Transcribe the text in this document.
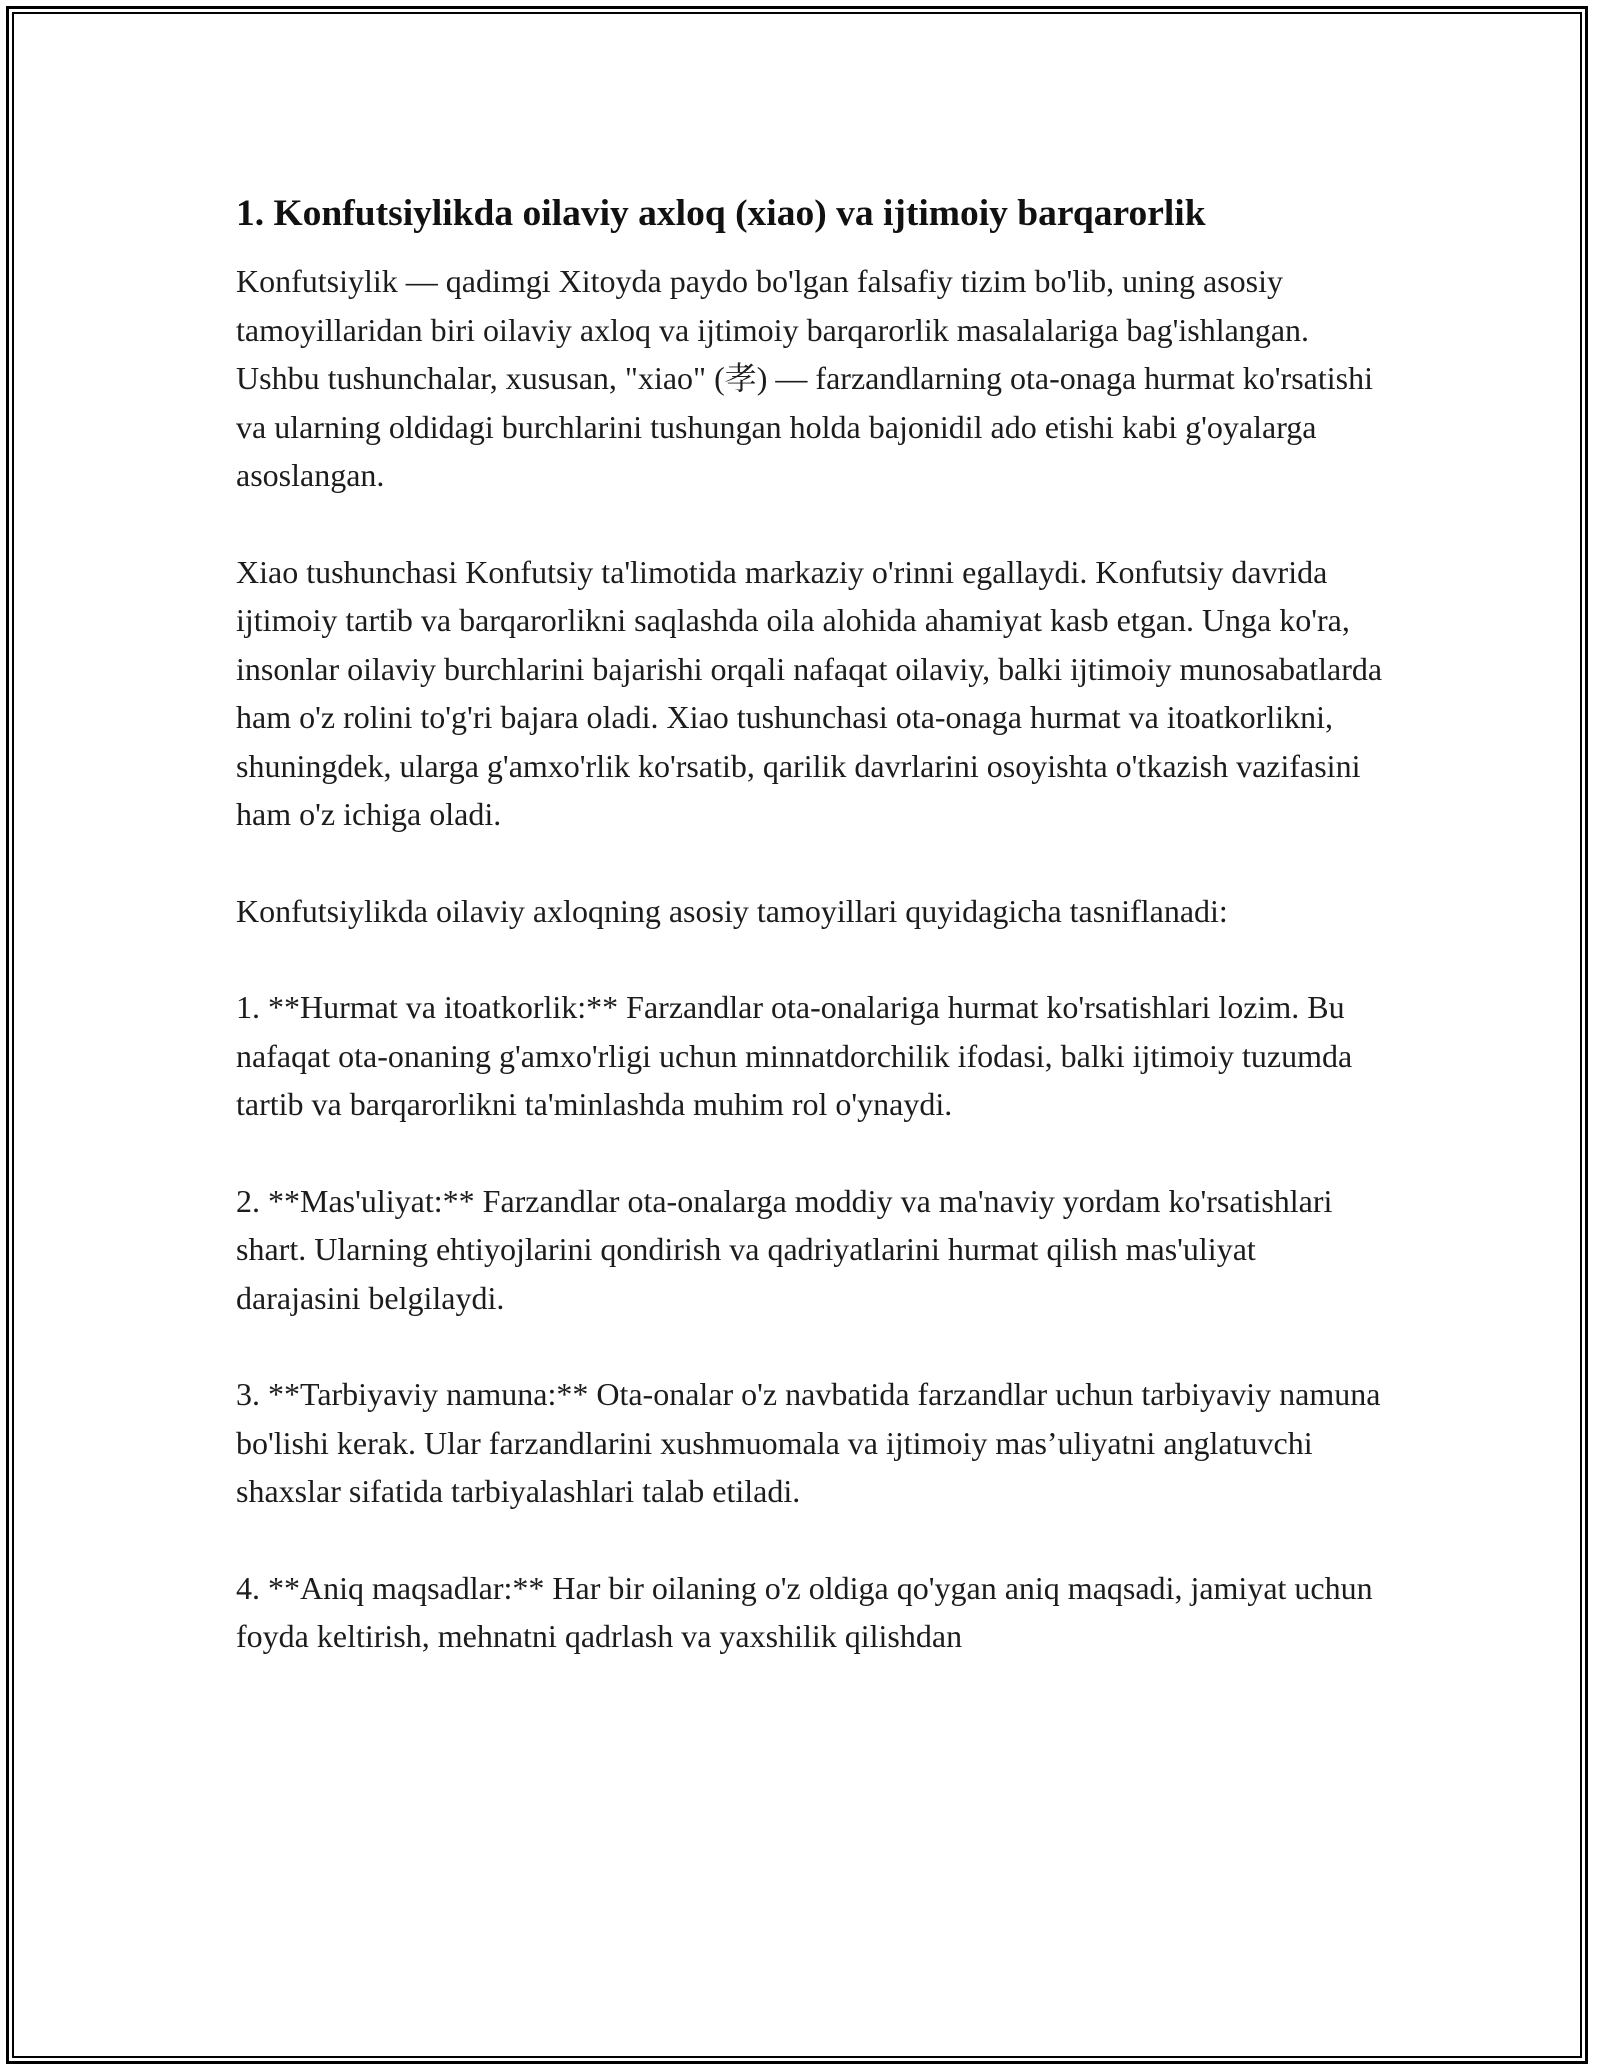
1. Konfutsiylikda oilaviy axloq (xiao) va ijtimoiy barqarorlik

Konfutsiylik — qadimgi Xitoyda paydo bo'lgan falsafiy tizim bo'lib, uning asosiy tamoyillaridan biri oilaviy axloq va ijtimoiy barqarorlik masalalariga bag'ishlangan. Ushbu tushunchalar, xususan, "xiao" (孝) — farzandlarning ota-onaga hurmat ko'rsatishi va ularning oldidagi burchlarini tushungan holda bajonidil ado etishi kabi g'oyalarga asoslangan.

Xiao tushunchasi Konfutsiy ta'limotida markaziy o'rinni egallaydi. Konfutsiy davrida ijtimoiy tartib va barqarorlikni saqlashda oila alohida ahamiyat kasb etgan. Unga ko'ra, insonlar oilaviy burchlarini bajarishi orqali nafaqat oilaviy, balki ijtimoiy munosabatlarda ham o'z rolini to'g'ri bajara oladi. Xiao tushunchasi ota-onaga hurmat va itoatkorlikni, shuningdek, ularga g'amxo'rlik ko'rsatib, qarilik davrlarini osoyishta o'tkazish vazifasini ham o'z ichiga oladi.

Konfutsiylikda oilaviy axloqning asosiy tamoyillari quyidagicha tasniflanadi:

1. **Hurmat va itoatkorlik:** Farzandlar ota-onalariga hurmat ko'rsatishlari lozim. Bu nafaqat ota-onaning g'amxo'rligi uchun minnatdorchilik ifodasi, balki ijtimoiy tuzumda tartib va barqarorlikni ta'minlashda muhim rol o'ynaydi.

2. **Mas'uliyat:** Farzandlar ota-onalarga moddiy va ma'naviy yordam ko'rsatishlari shart. Ularning ehtiyojlarini qondirish va qadriyatlarini hurmat qilish mas'uliyat darajasini belgilaydi.

3. **Tarbiyaviy namuna:** Ota-onalar o'z navbatida farzandlar uchun tarbiyaviy namuna bo'lishi kerak. Ular farzandlarini xushmuomala va ijtimoiy mas’uliyatni anglatuvchi shaxslar sifatida tarbiyalashlari talab etiladi.

4. **Aniq maqsadlar:** Har bir oilaning o'z oldiga qo'ygan aniq maqsadi, jamiyat uchun foyda keltirish, mehnatni qadrlash va yaxshilik qilishdan
